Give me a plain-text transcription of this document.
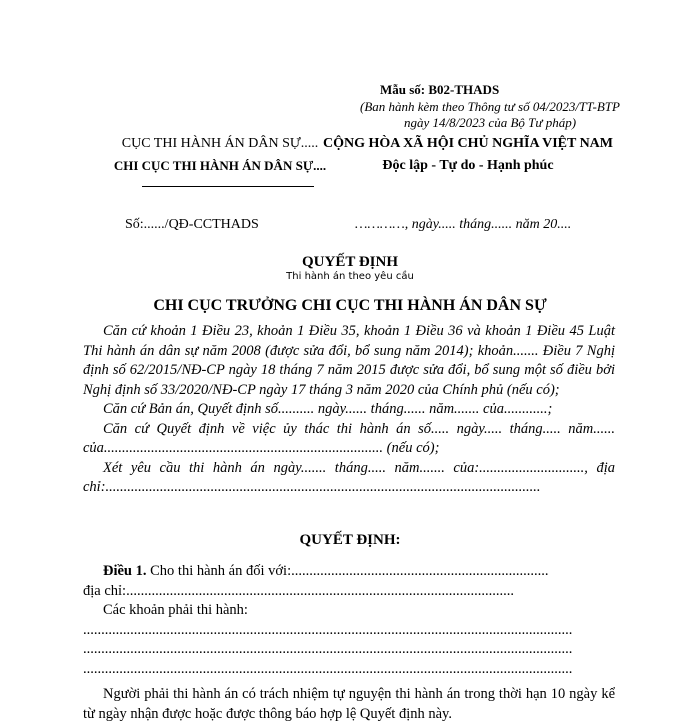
Mẫu số: B02-THADS
(Ban hành kèm theo Thông tư số 04/2023/TT-BTP
ngày 14/8/2023 của Bộ Tư pháp)
CỤC THI HÀNH ÁN DÂN SỰ.....
CHI CỤC THI HÀNH ÁN DÂN SỰ....
CỘNG HÒA XÃ HỘI CHỦ NGHĨA VIỆT NAM
Độc lập - Tự do - Hạnh phúc
Số:....../QĐ-CCTHADS	…………, ngày..... tháng...... năm 20....
QUYẾT ĐỊNH
Thi hành án theo yêu cầu
CHI CỤC TRƯỞNG CHI CỤC THI HÀNH ÁN DÂN SỰ

Căn cứ khoản 1 Điều 23, khoản 1 Điều 35, khoản 1 Điều 36 và khoản 1 Điều 45 Luật Thi hành án dân sự năm 2008 (được sửa đổi, bổ sung năm 2014); khoản....... Điều 7 Nghị định số 62/2015/NĐ-CP ngày 18 tháng 7 năm 2015 được sửa đổi, bổ sung một số điều bởi Nghị định số 33/2020/NĐ-CP ngày 17 tháng 3 năm 2020 của Chính phủ (nếu có);

Căn cứ Bản án, Quyết định số.......... ngày...... tháng...... năm....... của............;

Căn cứ Quyết định về việc ủy thác thi hành án số..... ngày..... tháng..... năm...... của............................................................................. (nếu có);

Xét yêu cầu thi hành án ngày....... tháng..... năm....... của:............................., địa chỉ:........................................................................................................................

QUYẾT ĐỊNH:

Điều 1. Cho thi hành án đối với:.......................................................................

địa chỉ:...........................................................................................................

Các khoản phải thi hành:

.......................................................................................................................................

.......................................................................................................................................

.......................................................................................................................................

Người phải thi hành án có trách nhiệm tự nguyện thi hành án trong thời hạn 10 ngày kể từ ngày nhận được hoặc được thông báo hợp lệ Quyết định này.
